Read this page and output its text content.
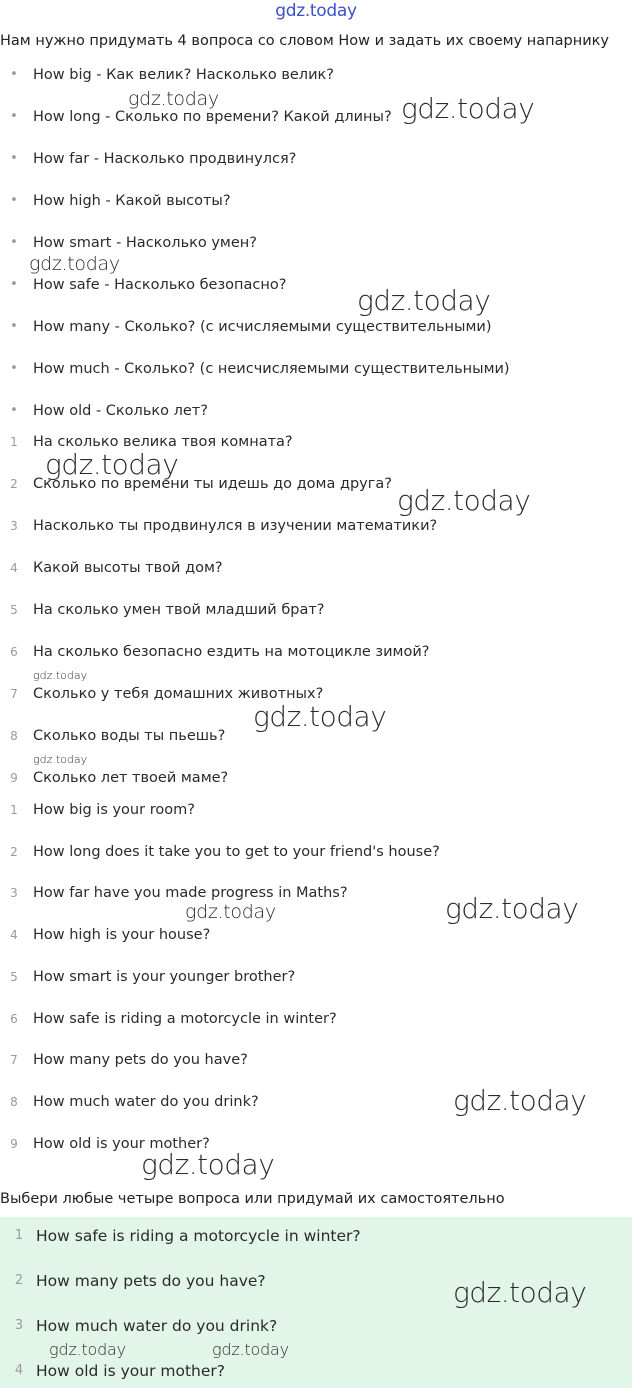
gdz.today
Нам нужно придумать 4 вопроса со словом How и задать их своему напарнику
•	How big - Как велик? Насколько велик?
•	How long - Сколько по времени? Какой длины?
•	How far - Насколько продвинулся?
•	How high - Какой высоты?
•	How smart - Насколько умен?
•	How safe - Насколько безопасно?
•	How many - Сколько? (с исчисляемыми существительными)
•	How much - Сколько? (с неисчисляемыми существительными)
•	How old - Сколько лет?
1	На сколько велика твоя комната?
2	Сколько по времени ты идешь до дома друга?
3	Насколько ты продвинулся в изучении математики?
4	Какой высоты твой дом?
5	На сколько умен твой младший брат?
6	На сколько безопасно ездить на мотоцикле зимой?
7	Сколько у тебя домашних животных?
8	Сколько воды ты пьешь?
9	Сколько лет твоей маме?
1	How big is your room?
2	How long does it take you to get to your friend's house?
3	How far have you made progress in Maths?
4	How high is your house?
5	How smart is your younger brother?
6	How safe is riding a motorcycle in winter?
7	How many pets do you have?
8	How much water do you drink?
9	How old is your mother?
Выбери любые четыре вопроса или придумай их самостоятельно
1 How safe is riding a motorcycle in winter?
2 How many pets do you have?
3 How much water do you drink?
4 How old is your mother?
gdz.today	gdz.today
gdz.today
gdz.today
gdz.today
gdz.today
gdz.today
gdz.today
gdz.today
gdz.today	gdz.today
gdz.today
gdz.today
gdz.today
gdz.today	gdz.today
